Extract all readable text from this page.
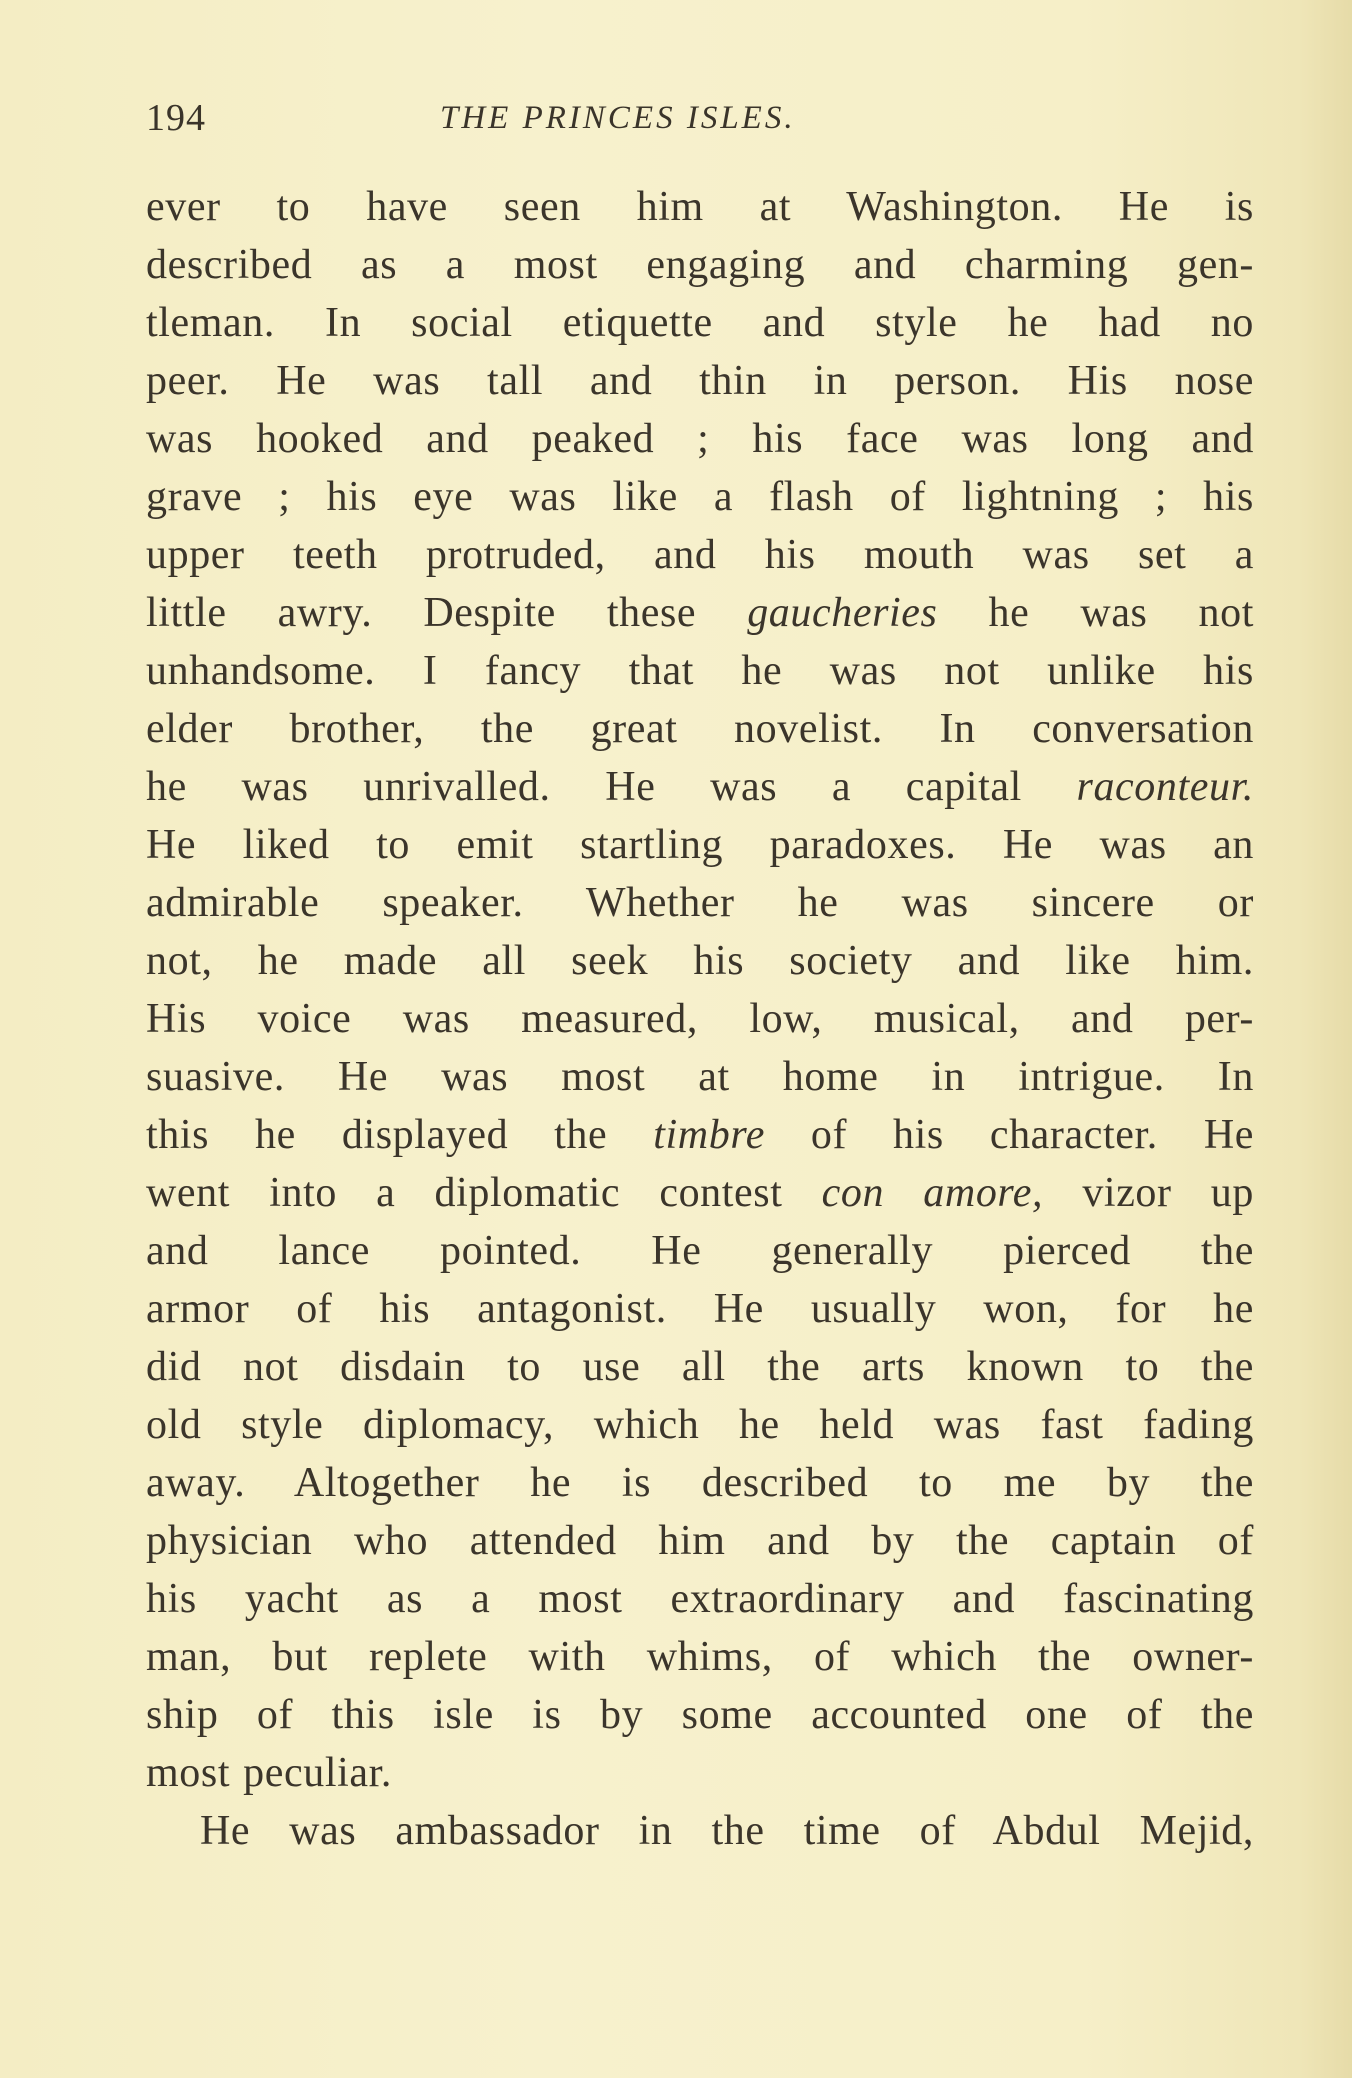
194	THE PRINCES ISLES.
ever to have seen him at Washington. He is
described as a most engaging and charming gen-
tleman. In social etiquette and style he had no
peer. He was tall and thin in person. His nose
was hooked and peaked ; his face was long and
grave ; his eye was like a flash of lightning ; his
upper teeth protruded, and his mouth was set a
little awry. Despite these gaucheries he was not
unhandsome. I fancy that he was not unlike his
elder brother, the great novelist. In conversation
he was unrivalled. He was a capital raconteur.
He liked to emit startling paradoxes. He was an
admirable speaker. Whether he was sincere or
not, he made all seek his society and like him.
His voice was measured, low, musical, and per-
suasive. He was most at home in intrigue. In
this he displayed the timbre of his character. He
went into a diplomatic contest con amore, vizor up
and lance pointed. He generally pierced the
armor of his antagonist. He usually won, for he
did not disdain to use all the arts known to the
old style diplomacy, which he held was fast fading
away. Altogether he is described to me by the
physician who attended him and by the captain of
his yacht as a most extraordinary and fascinating
man, but replete with whims, of which the owner-
ship of this isle is by some accounted one of the
most peculiar.
He was ambassador in the time of Abdul Mejid,
